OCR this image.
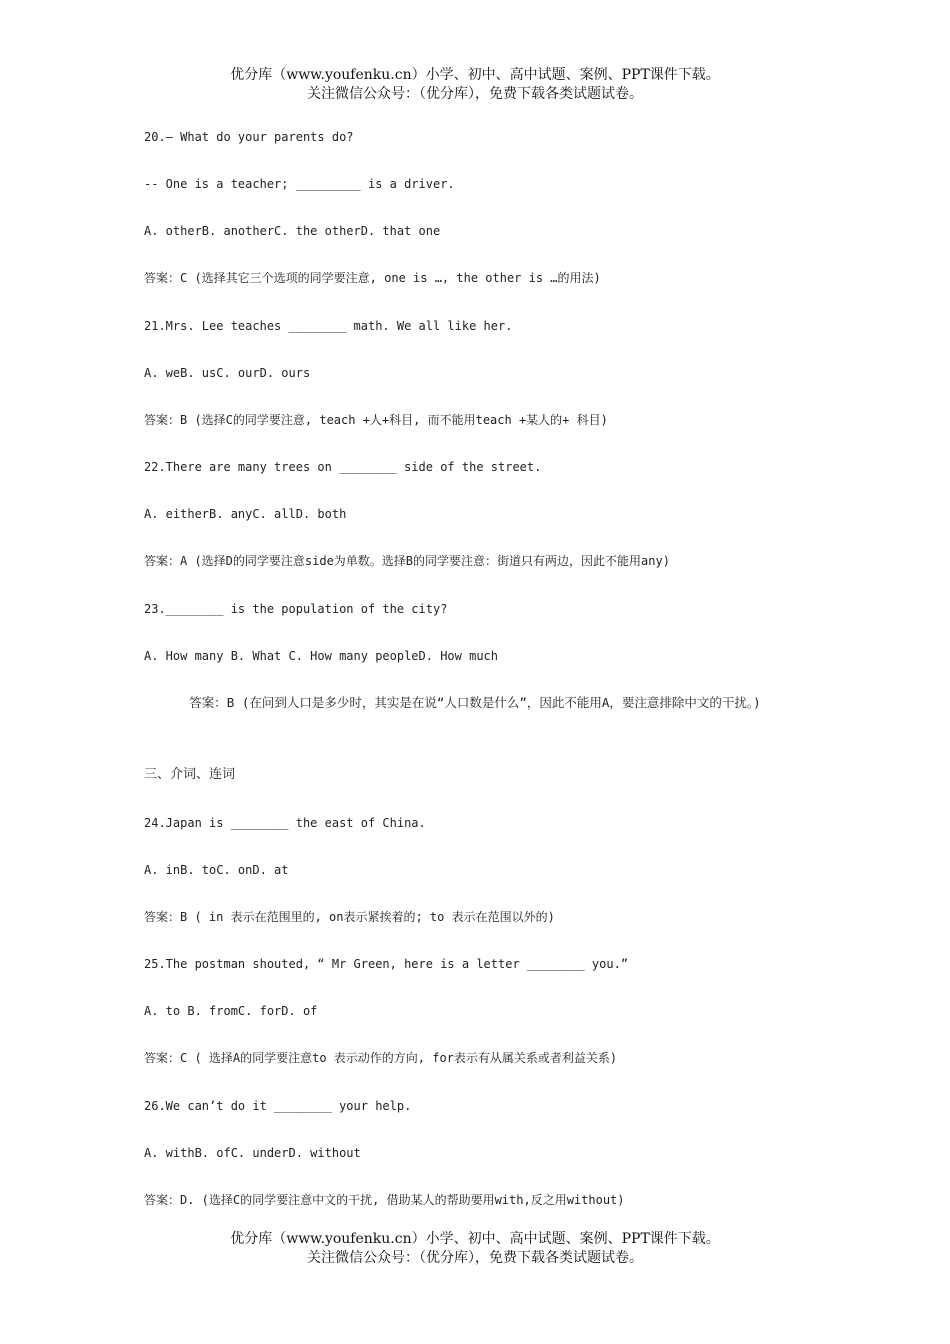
优分库（www.youfenku.cn）小学、初中、高中试题、案例、PPT课件下载。
关注微信公众号：（优分库），免费下载各类试题试卷。
20.– What do your parents do?
-- One is a teacher; _________ is a driver.
A. otherB. anotherC. the otherD. that one
答案：C (选择其它三个选项的同学要注意, one is …, the other is …的用法)
21.Mrs. Lee teaches ________ math. We all like her.
A. weB. usC. ourD. ours
答案：B (选择C的同学要注意, teach +人+科目, 而不能用teach +某人的+ 科目)
22.There are many trees on ________ side of the street.
A. eitherB. anyC. allD. both
答案：A (选择D的同学要注意side为单数。选择B的同学要注意：街道只有两边，因此不能用any)
23.________ is the population of the city?
A. How many B. What C. How many peopleD. How much
答案：B (在问到人口是多少时，其实是在说“人口数是什么”，因此不能用A，要注意排除中文的干扰。)
三、介词、连词
24.Japan is ________ the east of China.
A. inB. toC. onD. at
答案：B ( in 表示在范围里的, on表示紧挨着的; to 表示在范围以外的)
25.The postman shouted, “ Mr Green, here is a letter ________ you.”
A. to B. fromC. forD. of
答案：C ( 选择A的同学要注意to 表示动作的方向, for表示有从属关系或者利益关系)
26.We can’t do it ________ your help.
A. withB. ofC. underD. without
答案：D. (选择C的同学要注意中文的干扰, 借助某人的帮助要用with,反之用without)
优分库（www.youfenku.cn）小学、初中、高中试题、案例、PPT课件下载。
关注微信公众号：（优分库），免费下载各类试题试卷。
